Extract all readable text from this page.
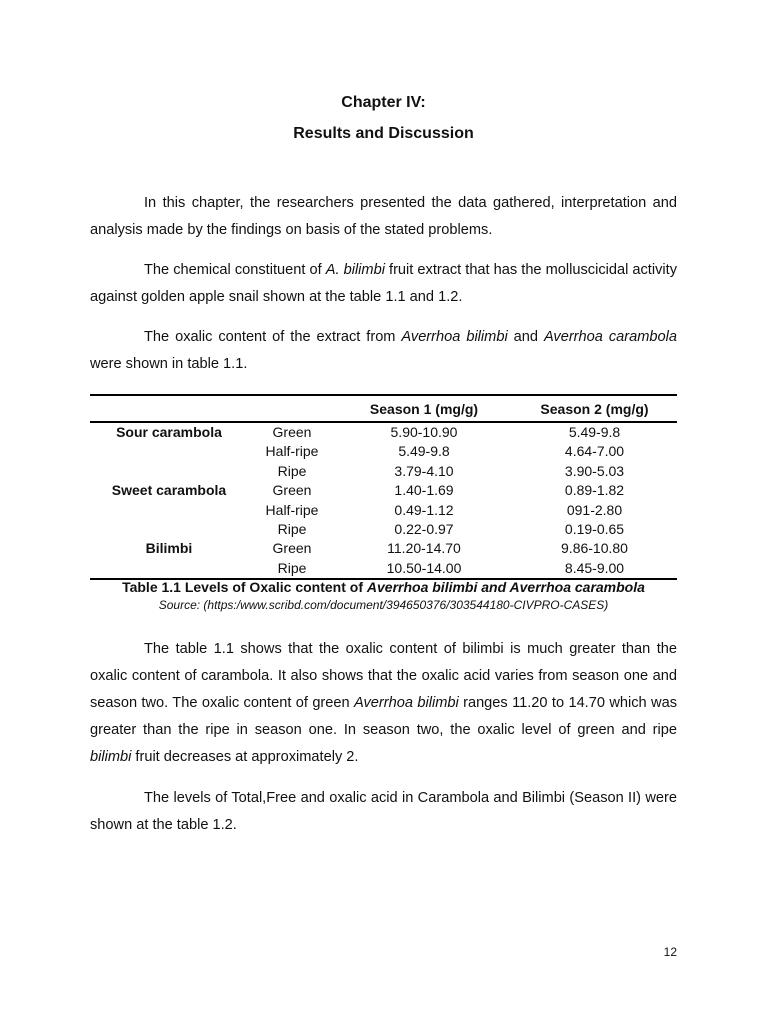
Chapter IV:
Results and Discussion

In this chapter, the researchers presented the data gathered, interpretation and analysis made by the findings on basis of the stated problems.

The chemical constituent of A. bilimbi fruit extract that has the molluscicidal activity against golden apple snail shown at the table 1.1 and 1.2.

The oxalic content of the extract from Averrhoa bilimbi and Averrhoa carambola were shown in table 1.1.

		Season 1 (mg/g)	Season 2 (mg/g)
Sour carambola	Green	5.90-10.90	5.49-9.8
	Half-ripe	5.49-9.8	4.64-7.00
	Ripe	3.79-4.10	3.90-5.03
Sweet carambola	Green	1.40-1.69	0.89-1.82
	Half-ripe	0.49-1.12	091-2.80
	Ripe	0.22-0.97	0.19-0.65
Bilimbi	Green	11.20-14.70	9.86-10.80
	Ripe	10.50-14.00	8.45-9.00
Table 1.1 Levels of Oxalic content of Averrhoa bilimbi and Averrhoa carambola
Source: (https:/www.scribd.com/document/394650376/303544180-CIVPRO-CASES)

The table 1.1 shows that the oxalic content of bilimbi is much greater than the oxalic content of carambola. It also shows that the oxalic acid varies from season one and season two. The oxalic content of green Averrhoa bilimbi ranges 11.20 to 14.70 which was greater than the ripe in season one. In season two, the oxalic level of green and ripe bilimbi fruit decreases at approximately 2.

The levels of Total,Free and oxalic acid in Carambola and Bilimbi (Season II) were shown at the table 1.2.

12
